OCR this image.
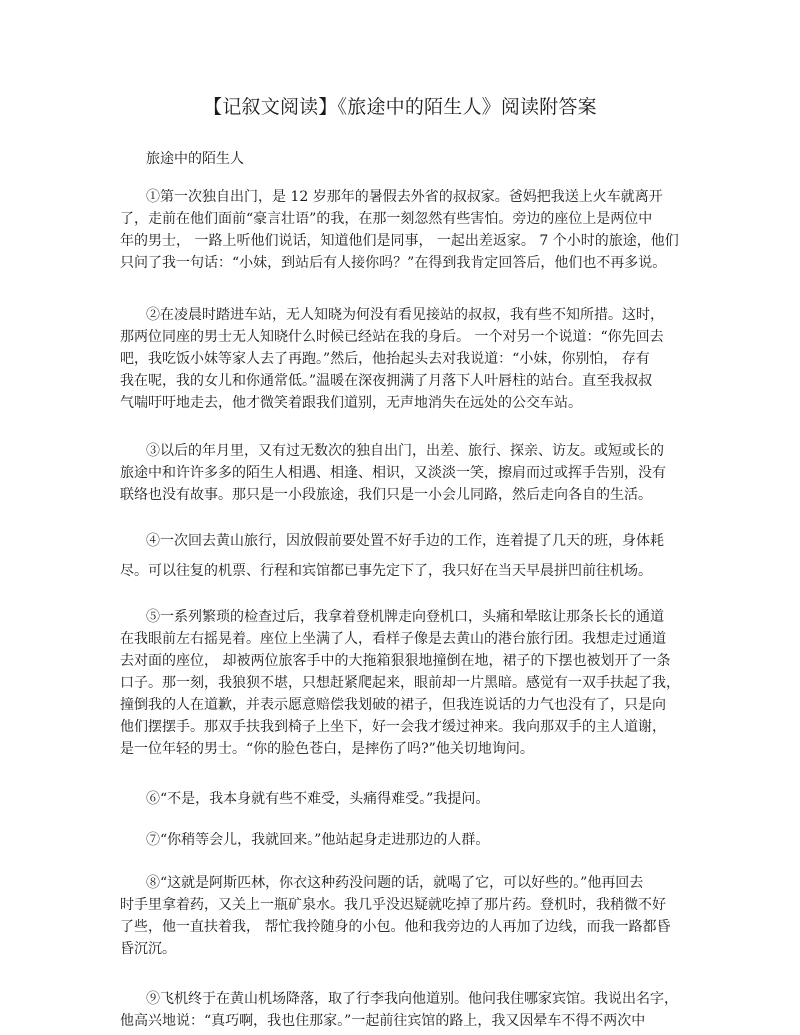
【记叙文阅读】《旅途中的陌生人》阅读附答案
旅途中的陌生人
①第一次独自出门，是 12 岁那年的暑假去外省的叔叔家。爸妈把我送上火车就离开
了，走前在他们面前“豪言壮语”的我，在那一刻忽然有些害怕。旁边的座位上是两位中
年的男士， 一路上听他们说话，知道他们是同事， 一起出差返家。 7 个小时的旅途，他们
只问了我一句话：“小妹，到站后有人接你吗？”在得到我肯定回答后，他们也不再多说。
②在凌晨时踏进车站，无人知晓为何没有看见接站的叔叔，我有些不知所措。这时，
那两位同座的男士无人知晓什么时候已经站在我的身后。 一个对另一个说道：“你先回去
吧，我吃饭小妹等家人去了再跑。”然后，他抬起头去对我说道：“小妹，你别怕， 存有
我在呢，我的女儿和你通常低。”温暖在深夜拥满了月落下人叶唇柱的站台。直至我叔叔
气喘吁吁地走去，他才微笑着跟我们道别，无声地消失在远处的公交车站。
③以后的年月里，又有过无数次的独自出门，出差、旅行、探亲、访友。或短或长的
旅途中和许许多多的陌生人相遇、相逢、相识，又淡淡一笑，擦肩而过或挥手告别，没有
联络也没有故事。那只是一小段旅途，我们只是一小会儿同路，然后走向各自的生活。
④一次回去黄山旅行，因放假前要处置不好手边的工作，连着提了几天的班，身体耗
尽。可以往复的机票、行程和宾馆都已事先定下了，我只好在当天早晨拼凹前往机场。
⑤一系列繁琐的检查过后，我拿着登机牌走向登机口，头痛和晕眩让那条长长的通道
在我眼前左右摇晃着。座位上坐满了人，看样子像是去黄山的港台旅行团。我想走过通道
去对面的座位， 却被两位旅客手中的大拖箱狠狠地撞倒在地，裙子的下摆也被划开了一条
口子。那一刻，我狼狈不堪，只想赶紧爬起来，眼前却一片黑暗。感觉有一双手扶起了我，
撞倒我的人在道歉，并表示愿意赔偿我划破的裙子，但我连说话的力气也没有了，只是向
他们摆摆手。那双手扶我到椅子上坐下，好一会我才缓过神来。我向那双手的主人道谢，
是一位年轻的男士。“你的脸色苍白，是摔伤了吗?”他关切地询问。
⑥“不是，我本身就有些不难受，头痛得难受。”我提问。
⑦“你稍等会儿，我就回来。”他站起身走进那边的人群。
⑧“这就是阿斯匹林，你衣这种药没问题的话，就喝了它，可以好些的。”他再回去
时手里拿着药，又关上一瓶矿泉水。我几乎没迟疑就吃掉了那片药。登机时，我稍微不好
了些，他一直扶着我， 帮忙我拎随身的小包。他和我旁边的人再加了边线，而我一路都昏
昏沉沉。
⑨飞机终于在黄山机场降落，取了行李我向他道别。他问我住哪家宾馆。我说出名字，
他高兴地说：“真巧啊，我也住那家。”一起前往宾馆的路上，我又因晕车不得不两次中
